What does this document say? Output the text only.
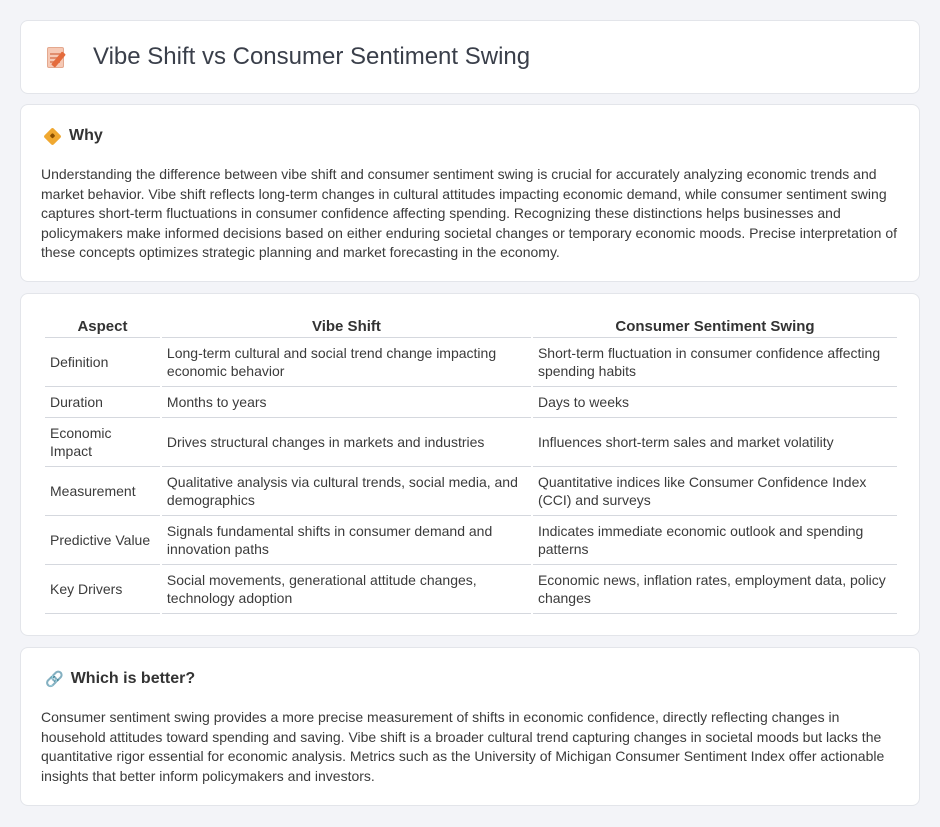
Vibe Shift vs Consumer Sentiment Swing
Why

Understanding the difference between vibe shift and consumer sentiment swing is crucial for accurately analyzing economic trends and market behavior. Vibe shift reflects long-term changes in cultural attitudes impacting economic demand, while consumer sentiment swing captures short-term fluctuations in consumer confidence affecting spending. Recognizing these distinctions helps businesses and policymakers make informed decisions based on either enduring societal changes or temporary economic moods. Precise interpretation of these concepts optimizes strategic planning and market forecasting in the economy.

Aspect	Vibe Shift	Consumer Sentiment Swing
Definition	Long-term cultural and social trend change impacting economic behavior	Short-term fluctuation in consumer confidence affecting spending habits
Duration	Months to years	Days to weeks
Economic Impact	Drives structural changes in markets and industries	Influences short-term sales and market volatility
Measurement	Qualitative analysis via cultural trends, social media, and demographics	Quantitative indices like Consumer Confidence Index (CCI) and surveys
Predictive Value	Signals fundamental shifts in consumer demand and innovation paths	Indicates immediate economic outlook and spending patterns
Key Drivers	Social movements, generational attitude changes, technology adoption	Economic news, inflation rates, employment data, policy changes
🔗 Which is better?

Consumer sentiment swing provides a more precise measurement of shifts in economic confidence, directly reflecting changes in household attitudes toward spending and saving. Vibe shift is a broader cultural trend capturing changes in societal moods but lacks the quantitative rigor essential for economic analysis. Metrics such as the University of Michigan Consumer Sentiment Index offer actionable insights that better inform policymakers and investors.
